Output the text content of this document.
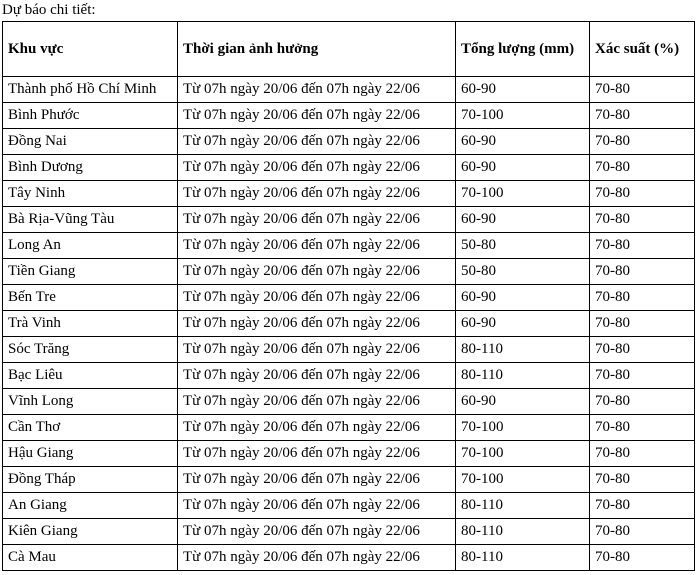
Dự báo chi tiết:
Khu vực	Thời gian ảnh hưởng	Tổng lượng (mm)	Xác suất (%)
Thành phố Hồ Chí Minh	Từ 07h ngày 20/06 đến 07h ngày 22/06	60-90	70-80
Bình Phước	Từ 07h ngày 20/06 đến 07h ngày 22/06	70-100	70-80
Đồng Nai	Từ 07h ngày 20/06 đến 07h ngày 22/06	60-90	70-80
Bình Dương	Từ 07h ngày 20/06 đến 07h ngày 22/06	60-90	70-80
Tây Ninh	Từ 07h ngày 20/06 đến 07h ngày 22/06	70-100	70-80
Bà Rịa-Vũng Tàu	Từ 07h ngày 20/06 đến 07h ngày 22/06	60-90	70-80
Long An	Từ 07h ngày 20/06 đến 07h ngày 22/06	50-80	70-80
Tiền Giang	Từ 07h ngày 20/06 đến 07h ngày 22/06	50-80	70-80
Bến Tre	Từ 07h ngày 20/06 đến 07h ngày 22/06	60-90	70-80
Trà Vinh	Từ 07h ngày 20/06 đến 07h ngày 22/06	60-90	70-80
Sóc Trăng	Từ 07h ngày 20/06 đến 07h ngày 22/06	80-110	70-80
Bạc Liêu	Từ 07h ngày 20/06 đến 07h ngày 22/06	80-110	70-80
Vĩnh Long	Từ 07h ngày 20/06 đến 07h ngày 22/06	60-90	70-80
Cần Thơ	Từ 07h ngày 20/06 đến 07h ngày 22/06	70-100	70-80
Hậu Giang	Từ 07h ngày 20/06 đến 07h ngày 22/06	70-100	70-80
Đồng Tháp	Từ 07h ngày 20/06 đến 07h ngày 22/06	70-100	70-80
An Giang	Từ 07h ngày 20/06 đến 07h ngày 22/06	80-110	70-80
Kiên Giang	Từ 07h ngày 20/06 đến 07h ngày 22/06	80-110	70-80
Cà Mau	Từ 07h ngày 20/06 đến 07h ngày 22/06	80-110	70-80
